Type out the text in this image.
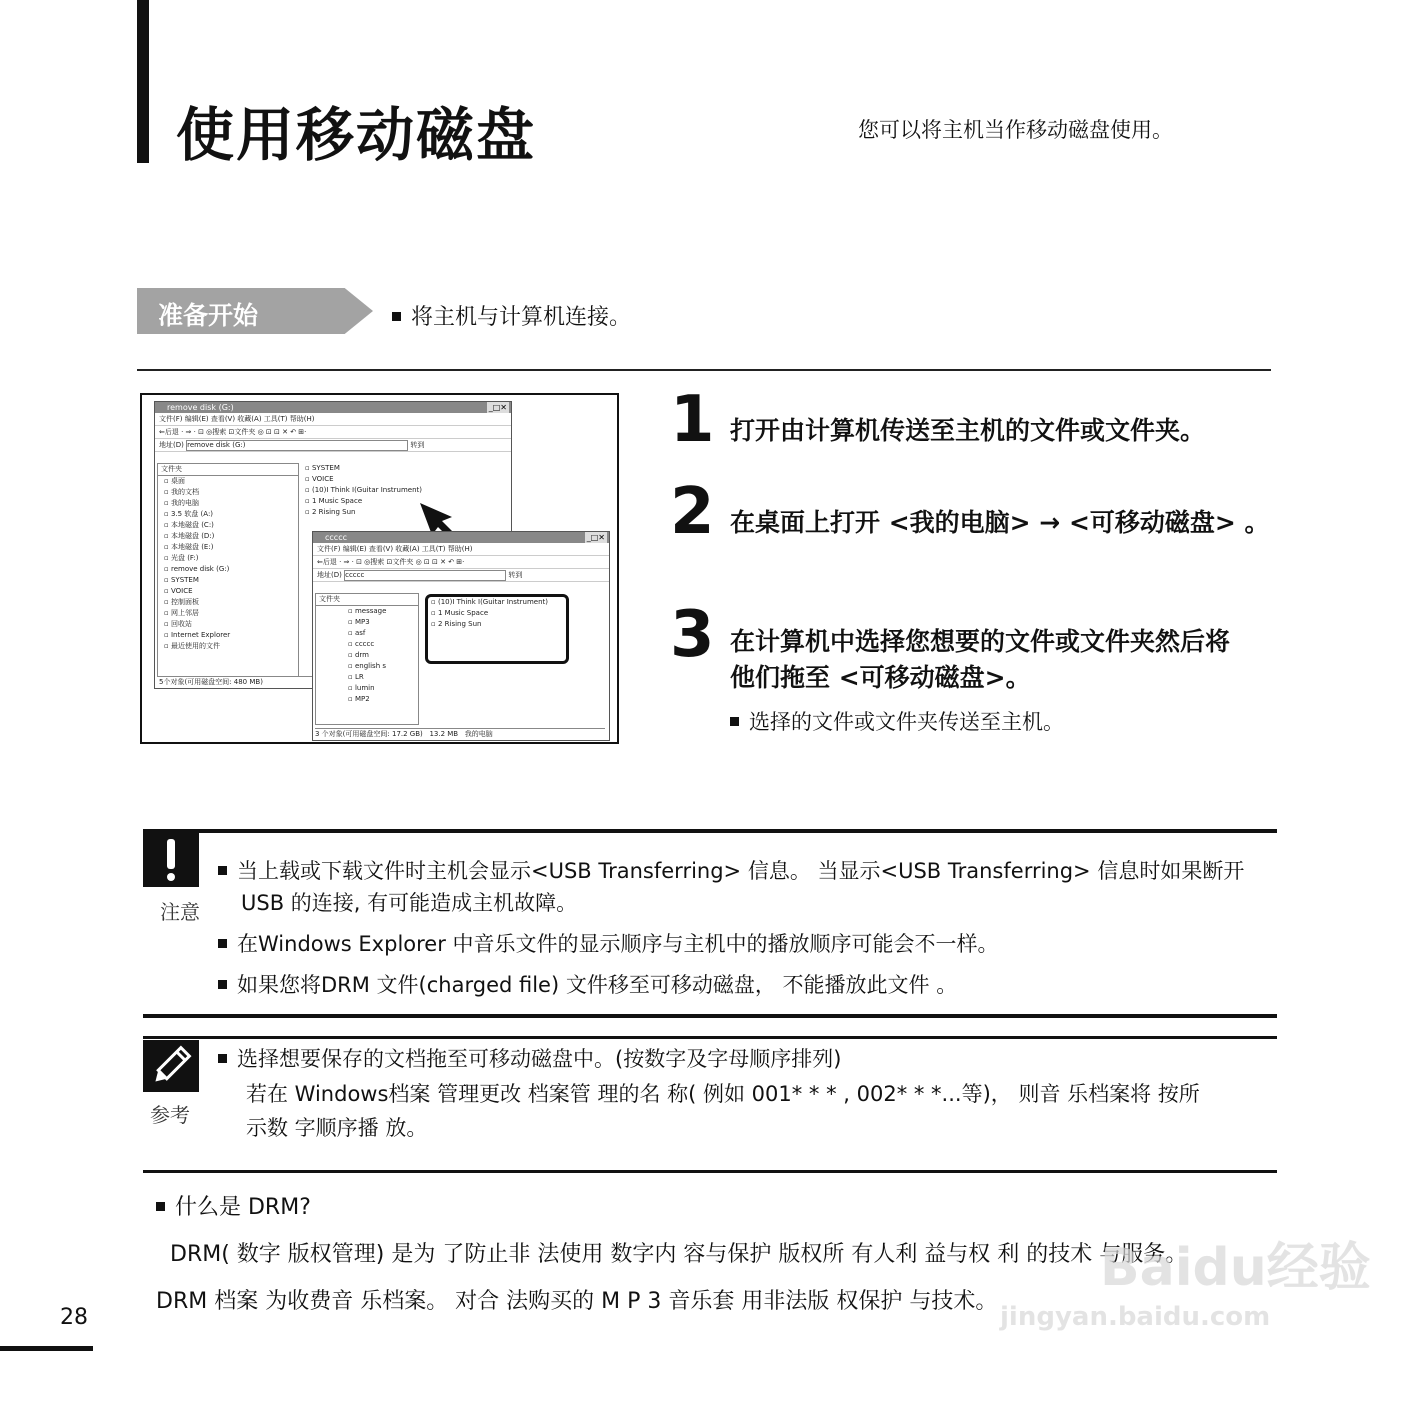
使用移动磁盘	您可以将主机当作移动磁盘使用。
准备开始	将主机与计算机连接。
remove disk (G:)	_□✕
文件(F) 编辑(E) 查看(V) 收藏(A) 工具(T) 帮助(H)
⇐后退 · ⇒ · ⊡ ◎搜索 ⊡文件夹 ◎ ⊡ ⊡ ✕ ↶ ⊞·
地址(D) remove disk (G:)	转到
文件夹
▫ 桌面
▫ 我的文档
▫ 我的电脑
▫ 3.5 软盘 (A:)
▫ 本地磁盘 (C:)
▫ 本地磁盘 (D:)
▫ 本地磁盘 (E:)
▫ 光盘 (F:)
▫ remove disk (G:)
▫ SYSTEM
▫ VOICE
▫ 控制面板
▫ 网上邻居
▫ 回收站
▫ Internet Explorer
▫ 最近使用的文件
▫ SYSTEM
▫ VOICE
▫ (10)I Think I(Guitar Instrument)
▫ 1 Music Space
▫ 2 Rising Sun
5个对象(可用磁盘空间: 480 MB)
ccccc	_□✕
文件(F) 编辑(E) 查看(V) 收藏(A) 工具(T) 帮助(H)
⇐后退 · ⇒ · ⊡ ◎搜索 ⊡文件夹 ◎ ⊡ ⊡ ✕ ↶ ⊞·
地址(D) ccccc	转到
文件夹
▫ message
▫ MP3
▫ asf
▫ ccccc
▫ drm
▫ english s
▫ LR
▫ lumin
▫ MP2
▫ (10)I Think I(Guitar Instrument)
▫ 1 Music Space
▫ 2 Rising Sun
3 个对象(可用磁盘空间: 17.2 GB) 13.2 MB 我的电脑
1 打开由计算机传送至主机的文件或文件夹。
2 在桌面上打开 <我的电脑> → <可移动磁盘> 。
3 在计算机中选择您想要的文件或文件夹然后将
他们拖至 <可移动磁盘>。
选择的文件或文件夹传送至主机。
注意
当上载或下载文件时主机会显示<USB Transferring> 信息。 当显示<USB Transferring> 信息时如果断开
USB 的连接, 有可能造成主机故障。
在Windows Explorer 中音乐文件的显示顺序与主机中的播放顺序可能会不一样。
如果您将DRM 文件(charged file) 文件移至可移动磁盘， 不能播放此文件 。
参考
选择想要保存的文档拖至可移动磁盘中。(按数字及字母顺序排列)
若在 Windows档案 管理更改 档案管 理的名 称( 例如 001* * * , 002* * *...等)， 则音 乐档案将 按所
示数 字顺序播 放。
什么是 DRM?
DRM( 数字 版权管理) 是为 了防止非 法使用 数字内 容与保护 版权所 有人利 益与权 利 的技术 与服务。
DRM 档案 为收费音 乐档案。 对合 法购买的 M P 3 音乐套 用非法版 权保护 与技术。
Baidu经验
jingyan.baidu.com
28
